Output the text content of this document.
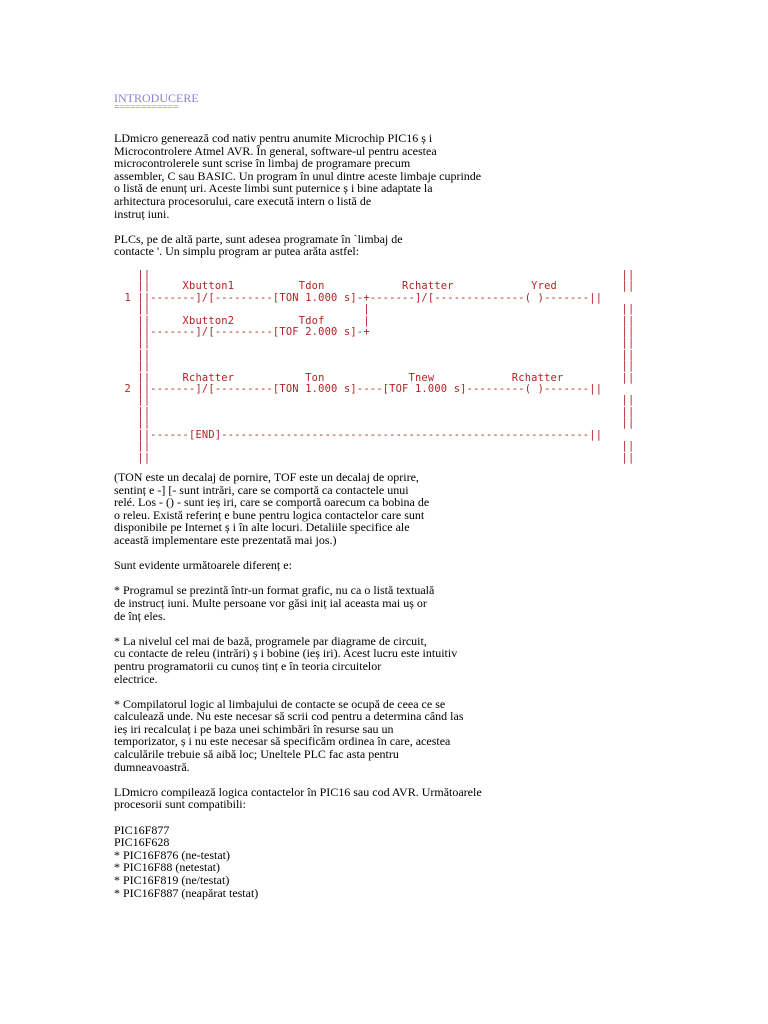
INTRODUCERE

============

LDmicro generează cod nativ pentru anumite Microchip PIC16 ș i
Microcontrolere Atmel AVR. În general, software-ul pentru acestea
microcontrolerele sunt scrise în limbaj de programare precum
assembler, C sau BASIC. Un program în unul dintre aceste limbaje cuprinde
o listă de enunț uri. Aceste limbi sunt puternice ș i bine adaptate la
arhitectura procesorului, care execută intern o listă de
instruț iuni.

PLCs, pe de altă parte, sunt adesea programate în `limbaj de
contacte '. Un simplu program ar putea arăta astfel:

||                                                                         ||
||     Xbutton1          Tdon            Rchatter            Yred          ||
1 ||-------]/[---------[TON 1.000 s]-+-------]/[--------------( )-------||
||                                 |                                       ||
||     Xbutton2          Tdof      |                                       ||
||-------]/[---------[TOF 2.000 s]-+                                       ||
||                                                                         ||
||                                                                         ||
||                                                                         ||
||     Rchatter           Ton             Tnew            Rchatter         ||
2 ||-------]/[---------[TON 1.000 s]----[TOF 1.000 s]---------( )-------||
||                                                                         ||
||                                                                         ||
||                                                                         ||
||------[END]---------------------------------------------------------||
||                                                                         ||
||                                                                         ||

(TON este un decalaj de pornire, TOF este un decalaj de oprire,
sentinț e -] [- sunt intrări, care se comportă ca contactele unui
relé. Los - () - sunt ieș iri, care se comportă oarecum ca bobina de
o releu. Există referinț e bune pentru logica contactelor care sunt
disponibile pe Internet ș i în alte locuri. Detaliile specifice ale
această implementare este prezentată mai jos.)

Sunt evidente următoarele diferenț e:

* Programul se prezintă într-un format grafic, nu ca o listă textuală
de instrucț iuni. Multe persoane vor găsi iniț ial aceasta mai uș or
de înț eles.

* La nivelul cel mai de bază, programele par diagrame de circuit,
cu contacte de releu (intrări) ș i bobine (ieș iri). Acest lucru este intuitiv
pentru programatorii cu cunoș tinț e în teoria circuitelor
electrice.

* Compilatorul logic al limbajului de contacte se ocupă de ceea ce se
calculează unde. Nu este necesar să scrii cod pentru a determina când las
ieș iri recalculaț i pe baza unei schimbări în resurse sau un
temporizator, ș i nu este necesar să specificăm ordinea în care, acestea
calculările trebuie să aibă loc; Uneltele PLC fac asta pentru
dumneavoastră.

LDmicro compilează logica contactelor în PIC16 sau cod AVR. Următoarele
procesorii sunt compatibili:

PIC16F877
PIC16F628
* PIC16F876 (ne-testat)
* PIC16F88 (netestat)
* PIC16F819 (ne/testat)
* PIC16F887 (neapărat testat)
